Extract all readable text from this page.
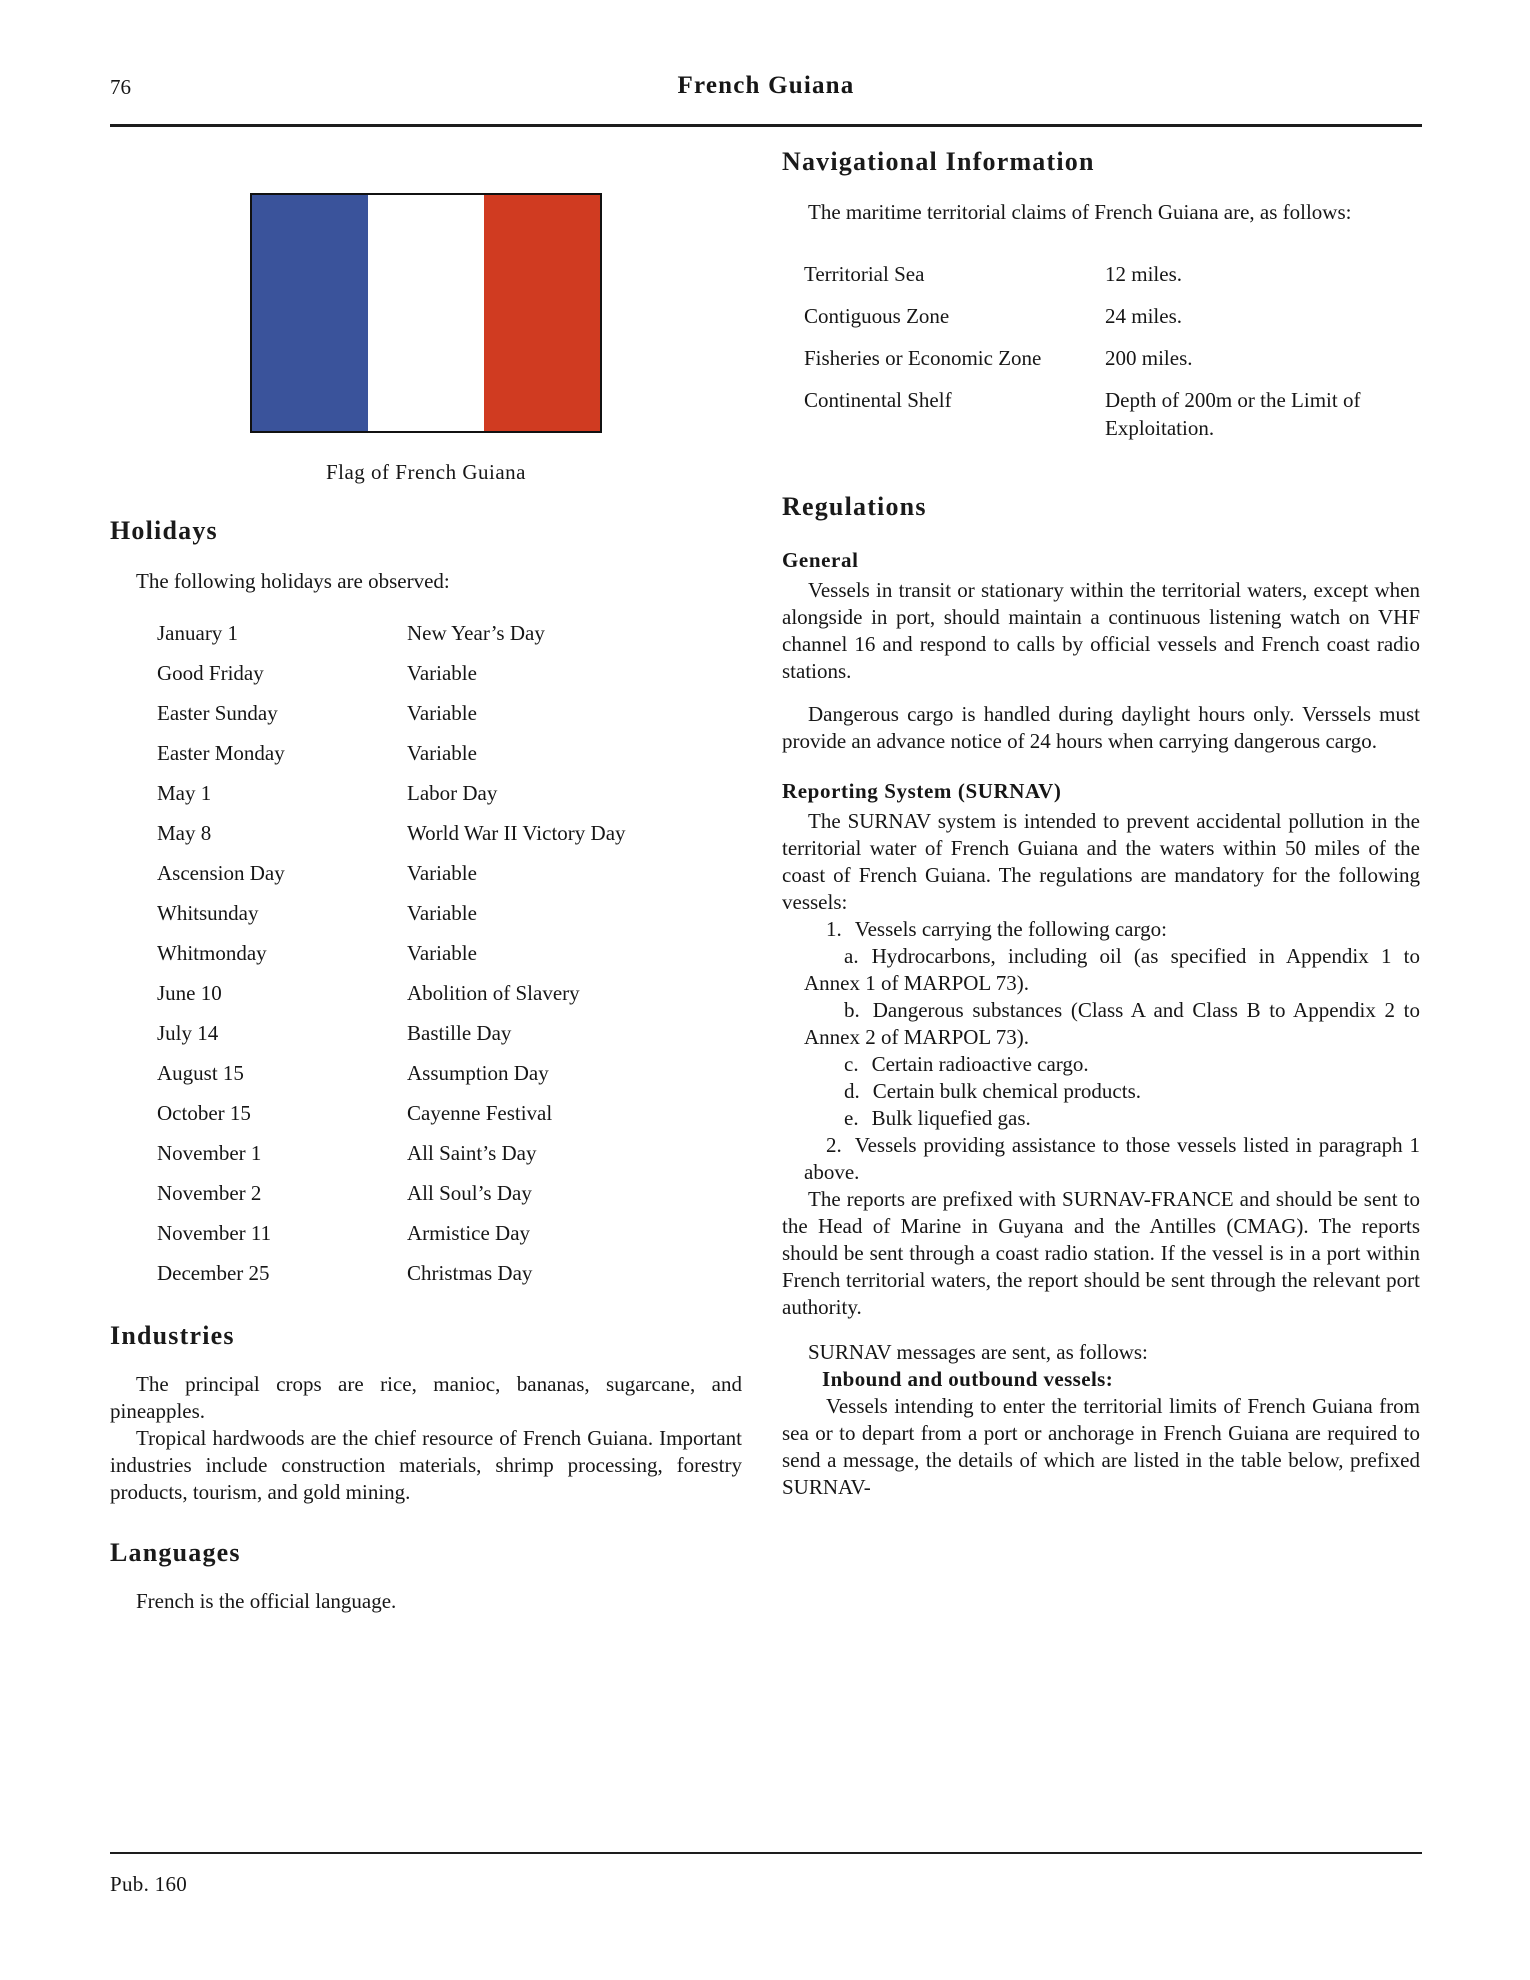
76	French Guiana
Flag of French Guiana
Holidays

The following holidays are observed:

January 1	New Year’s Day
Good Friday	Variable
Easter Sunday	Variable
Easter Monday	Variable
May 1	Labor Day
May 8	World War II Victory Day
Ascension Day	Variable
Whitsunday	Variable
Whitmonday	Variable
June 10	Abolition of Slavery
July 14	Bastille Day
August 15	Assumption Day
October 15	Cayenne Festival
November 1	All Saint’s Day
November 2	All Soul’s Day
November 11	Armistice Day
December 25	Christmas Day
Industries

The principal crops are rice, manioc, bananas, sugarcane, and pineapples.

Tropical hardwoods are the chief resource of French Guiana. Important industries include construction materials, shrimp processing, forestry products, tourism, and gold mining.

Languages

French is the official language.

Navigational Information

The maritime territorial claims of French Guiana are, as follows:

Territorial Sea	12 miles.
Contiguous Zone	24 miles.
Fisheries or Economic Zone	200 miles.
Continental Shelf	Depth of 200m or the Limit of Exploitation.
Regulations
General

Vessels in transit or stationary within the territorial waters, except when alongside in port, should maintain a continuous listening watch on VHF channel 16 and respond to calls by official vessels and French coast radio stations.

Dangerous cargo is handled during daylight hours only. Verssels must provide an advance notice of 24 hours when carrying dangerous cargo.

Reporting System (SURNAV)

The SURNAV system is intended to prevent accidental pollution in the territorial water of French Guiana and the waters within 50 miles of the coast of French Guiana. The regulations are mandatory for the following vessels:

1. Vessels carrying the following cargo:

a. Hydrocarbons, including oil (as specified in Appendix 1 to Annex 1 of MARPOL 73).

b. Dangerous substances (Class A and Class B to Appendix 2 to Annex 2 of MARPOL 73).

c. Certain radioactive cargo.

d. Certain bulk chemical products.

e. Bulk liquefied gas.

2. Vessels providing assistance to those vessels listed in paragraph 1 above.

The reports are prefixed with SURNAV-FRANCE and should be sent to the Head of Marine in Guyana and the Antilles (CMAG). The reports should be sent through a coast radio station. If the vessel is in a port within French territorial waters, the report should be sent through the relevant port authority.

SURNAV messages are sent, as follows:

Inbound and outbound vessels:

Vessels intending to enter the territorial limits of French Guiana from sea or to depart from a port or anchorage in French Guiana are required to send a message, the details of which are listed in the table below, prefixed SURNAV-

Pub. 160
